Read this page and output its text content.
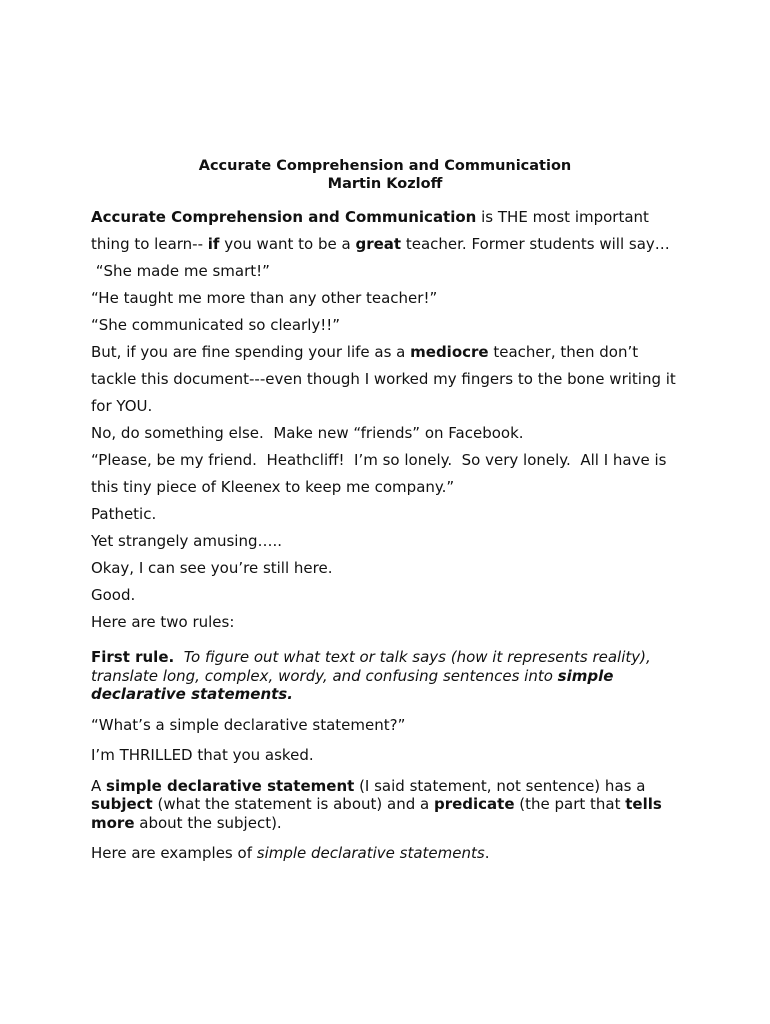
Accurate Comprehension and Communication
Martin Kozloff

Accurate Comprehension and Communication is THE most important thing to learn-- if you want to be a great teacher. Former students will say…

“She made me smart!”

“He taught me more than any other teacher!”

“She communicated so clearly!!”

But, if you are fine spending your life as a mediocre teacher, then don’t tackle this document---even though I worked my fingers to the bone writing it for YOU.

No, do something else.  Make new “friends” on Facebook.

“Please, be my friend.  Heathcliff!  I’m so lonely.  So very lonely.  All I have is this tiny piece of Kleenex to keep me company.”

Pathetic.

Yet strangely amusing…..

Okay, I can see you’re still here.

Good.

Here are two rules:

First rule.  To figure out what text or talk says (how it represents reality), translate long, complex, wordy, and confusing sentences into simple declarative statements.

“What’s a simple declarative statement?”

I’m THRILLED that you asked.

A simple declarative statement (I said statement, not sentence) has a subject (what the statement is about) and a predicate (the part that tells more about the subject).

Here are examples of simple declarative statements.
